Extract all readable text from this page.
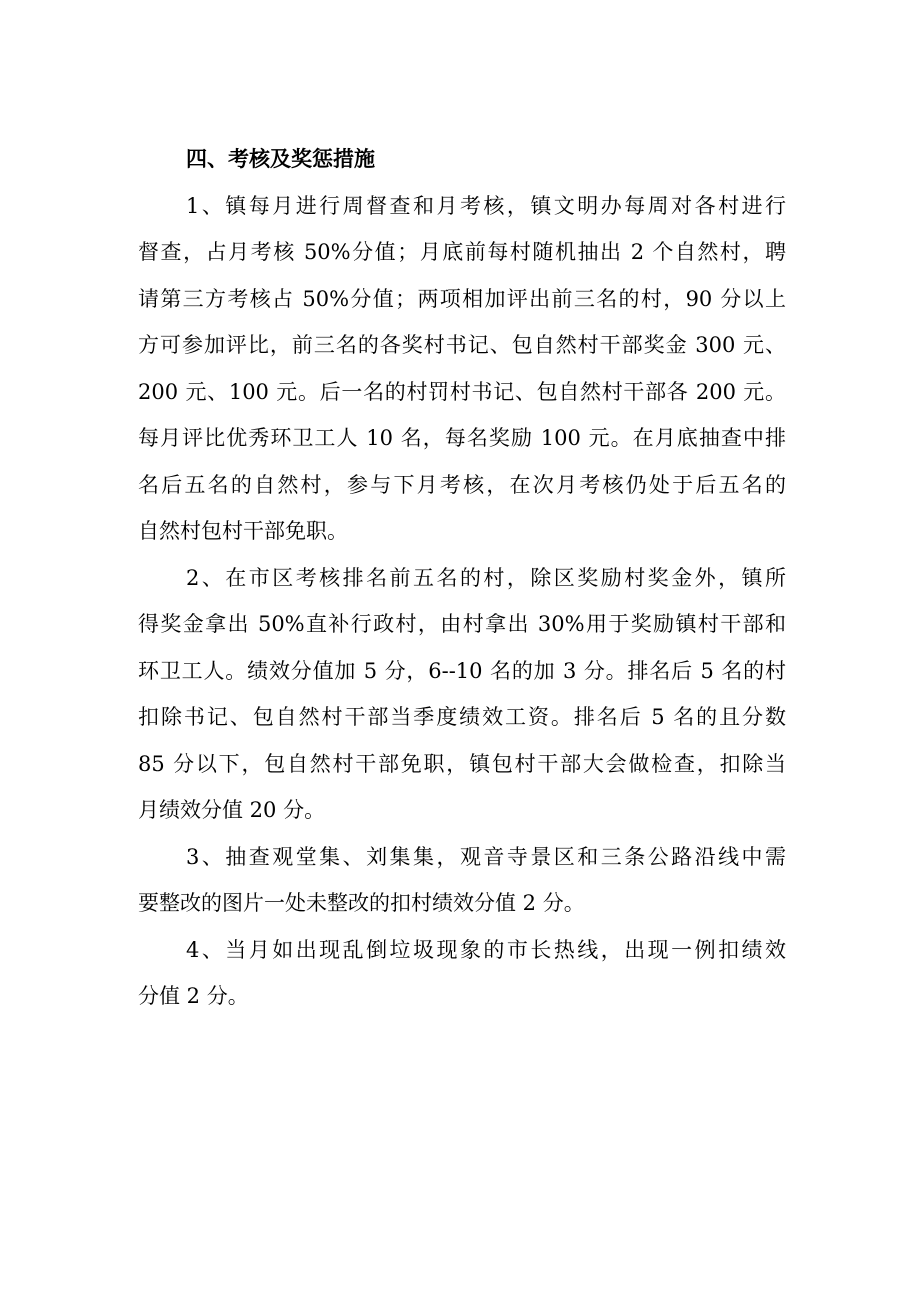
四、考核及奖惩措施

1、镇每月进行周督查和月考核，镇文明办每周对各村进行
督查，占月考核 50%分值；月底前每村随机抽出 2 个自然村，聘
请第三方考核占 50%分值；两项相加评出前三名的村，90 分以上
方可参加评比，前三名的各奖村书记、包自然村干部奖金 300 元、
200 元、100 元。后一名的村罚村书记、包自然村干部各 200 元。
每月评比优秀环卫工人 10 名，每名奖励 100 元。在月底抽查中排
名后五名的自然村，参与下月考核，在次月考核仍处于后五名的
自然村包村干部免职。

2、在市区考核排名前五名的村，除区奖励村奖金外，镇所
得奖金拿出 50%直补行政村，由村拿出 30%用于奖励镇村干部和
环卫工人。绩效分值加 5 分，6--10 名的加 3 分。排名后 5 名的村
扣除书记、包自然村干部当季度绩效工资。排名后 5 名的且分数
85 分以下，包自然村干部免职，镇包村干部大会做检查，扣除当
月绩效分值 20 分。

3、抽查观堂集、刘集集，观音寺景区和三条公路沿线中需
要整改的图片一处未整改的扣村绩效分值 2 分。

4、当月如出现乱倒垃圾现象的市长热线，出现一例扣绩效
分值 2 分。
